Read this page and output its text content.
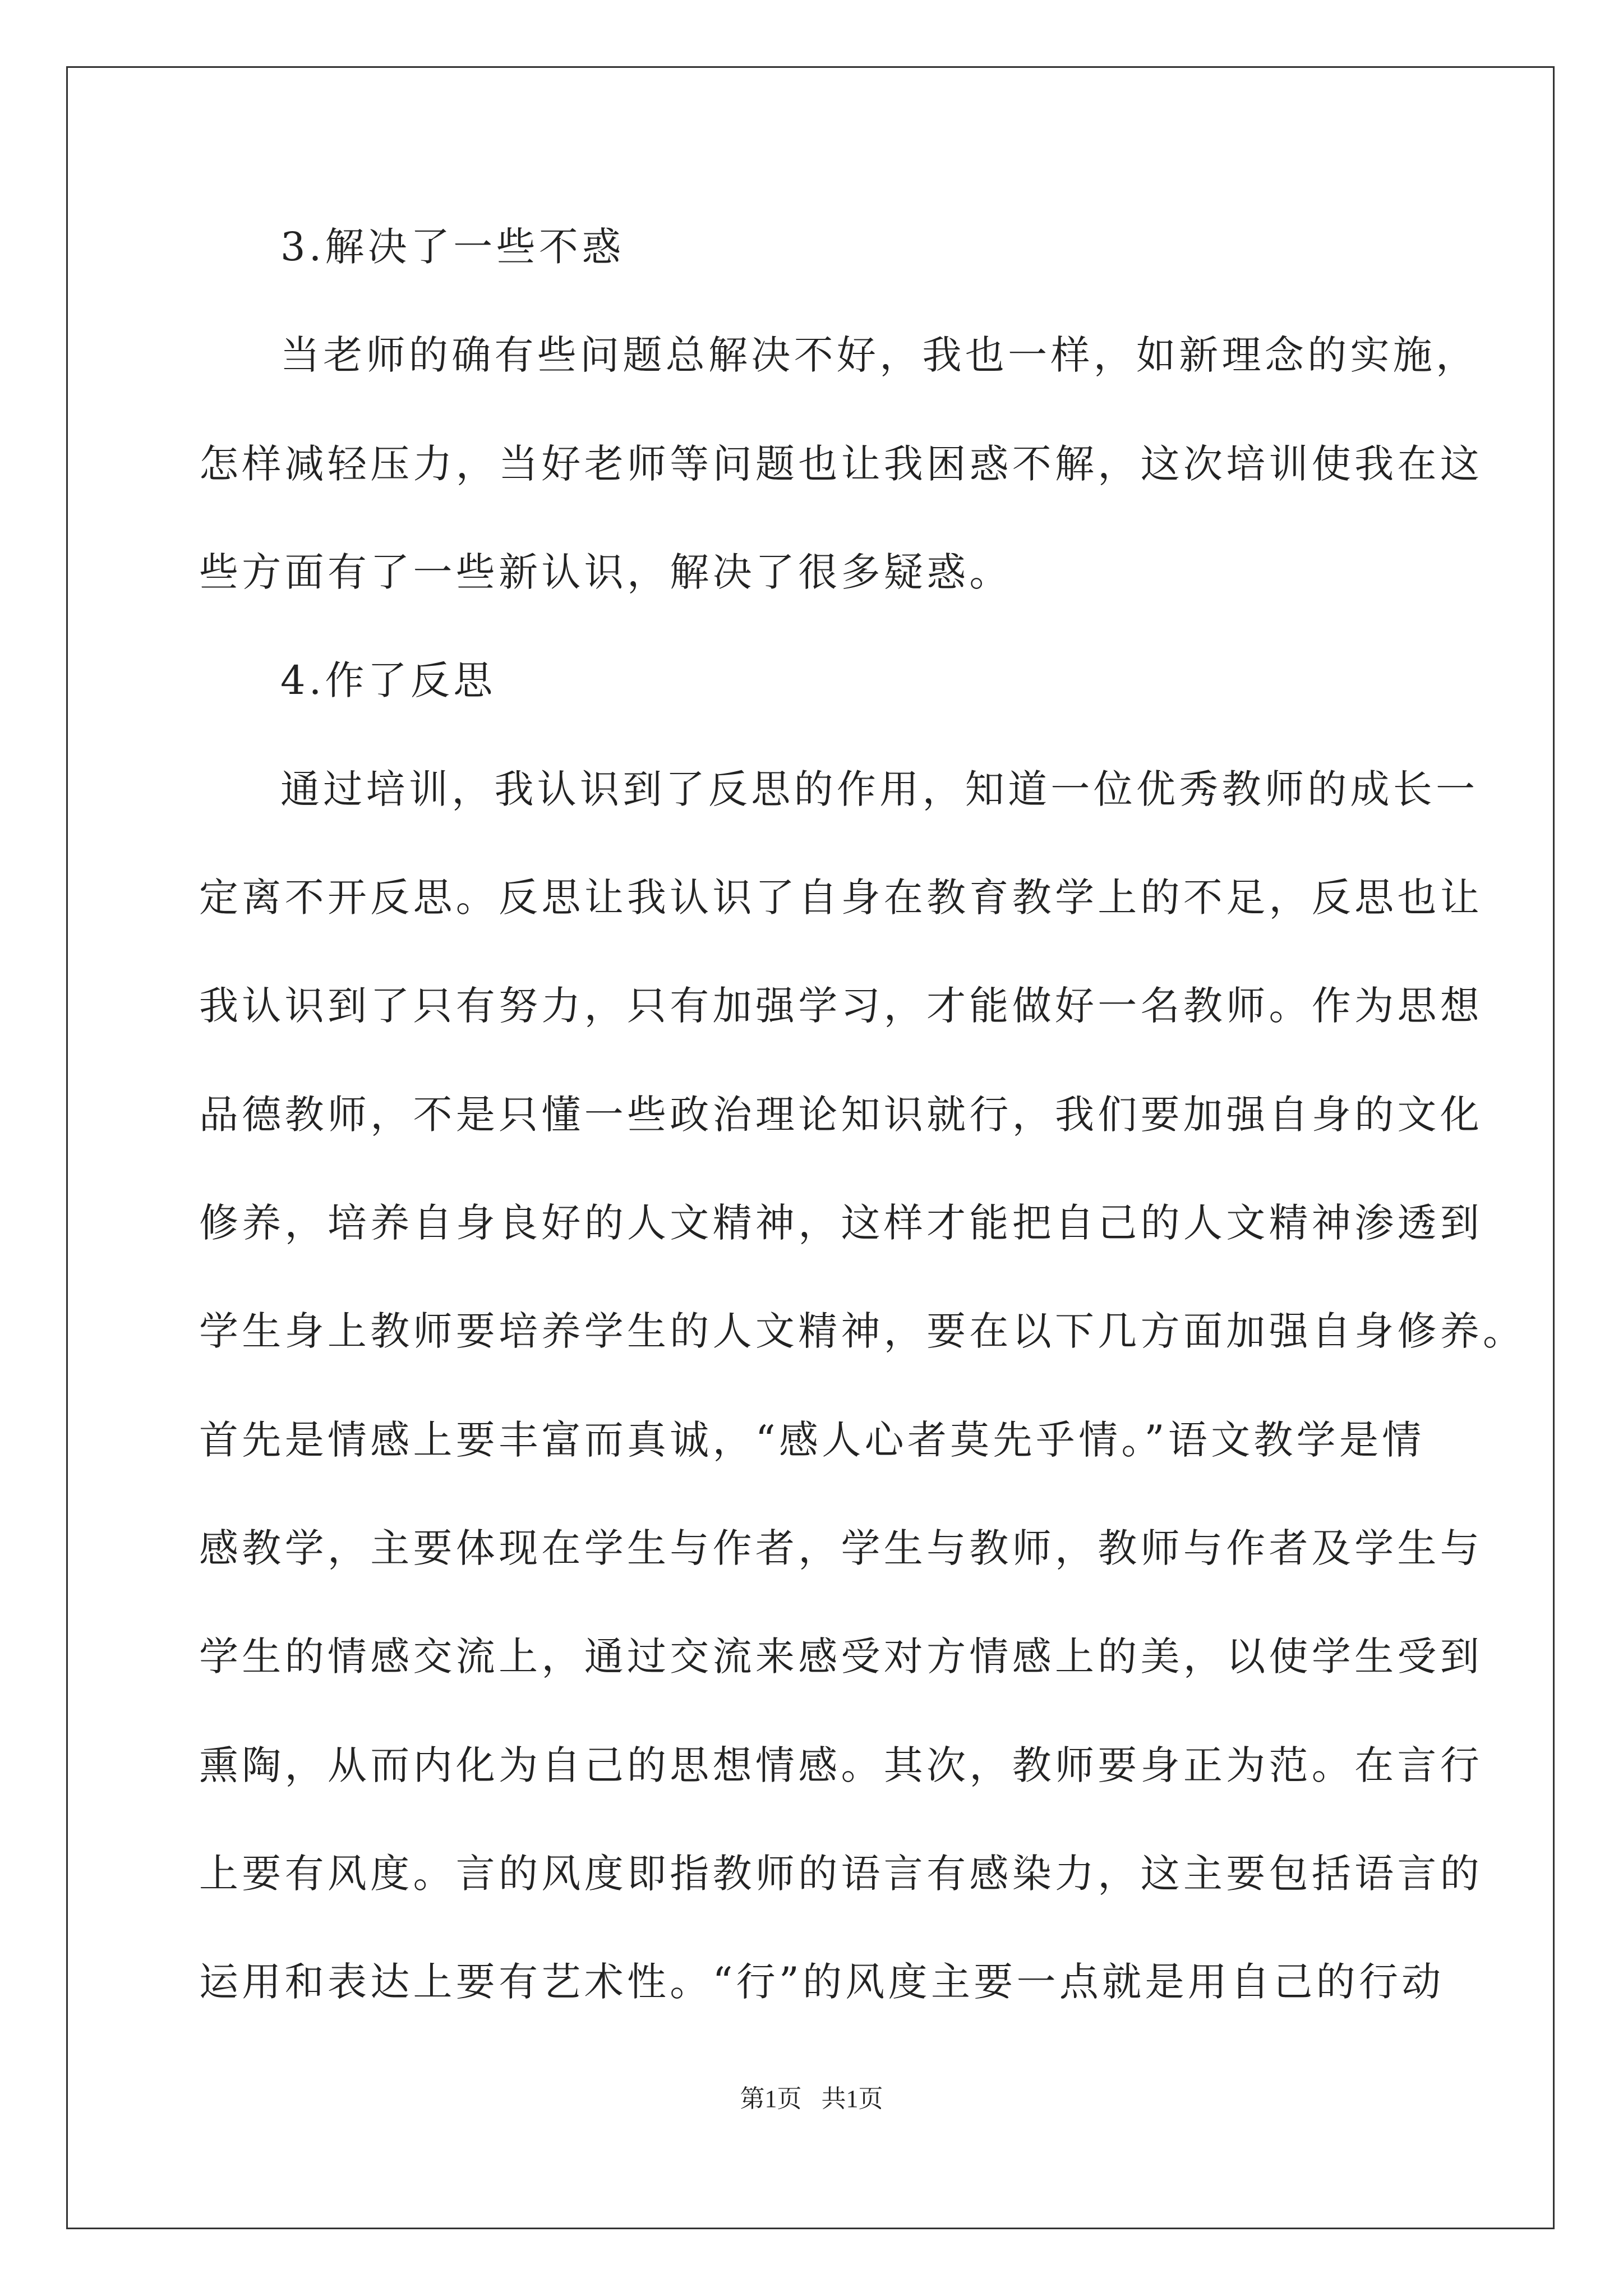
3.解决了一些不惑
当老师的确有些问题总解决不好，我也一样，如新理念的实施，
怎样减轻压力，当好老师等问题也让我困惑不解，这次培训使我在这
些方面有了一些新认识，解决了很多疑惑。
4.作了反思
通过培训，我认识到了反思的作用，知道一位优秀教师的成长一
定离不开反思。反思让我认识了自身在教育教学上的不足，反思也让
我认识到了只有努力，只有加强学习，才能做好一名教师。作为思想
品德教师，不是只懂一些政治理论知识就行，我们要加强自身的文化
修养，培养自身良好的人文精神，这样才能把自己的人文精神渗透到
学生身上教师要培养学生的人文精神，要在以下几方面加强自身修养。
首先是情感上要丰富而真诚，“感人心者莫先乎情。”语文教学是情
感教学，主要体现在学生与作者，学生与教师，教师与作者及学生与
学生的情感交流上，通过交流来感受对方情感上的美，以使学生受到
熏陶，从而内化为自己的思想情感。其次，教师要身正为范。在言行
上要有风度。言的风度即指教师的语言有感染力，这主要包括语言的
运用和表达上要有艺术性。“行”的风度主要一点就是用自己的行动
第1页 共1页
